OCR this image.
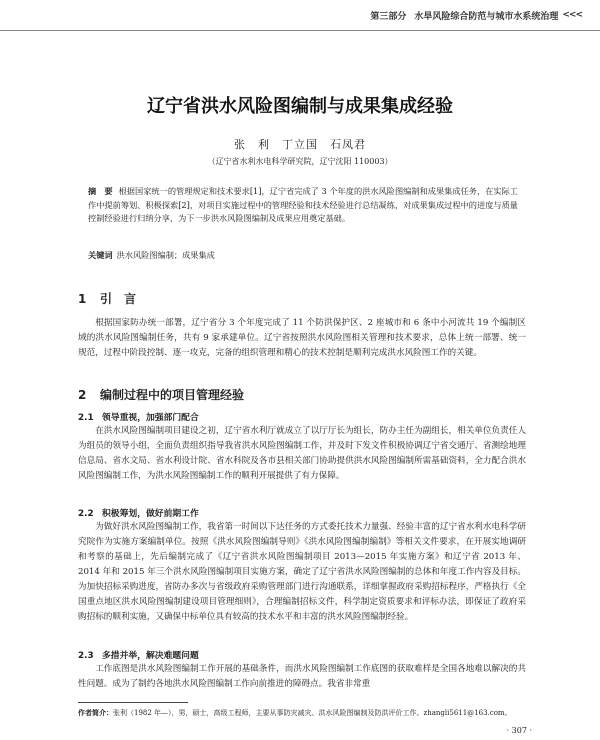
第三部分 水旱风险综合防范与城市水系统治理 <<<
辽宁省洪水风险图编制与成果集成经验
张　利　丁立国　石凤君
（辽宁省水利水电科学研究院，辽宁沈阳 110003）
摘　要 根据国家统一的管理规定和技术要求[1]，辽宁省完成了 3 个年度的洪水风险图编制和成果集成任务，在实际工作中提前筹划、积极探索[2]，对项目实施过程中的管理经验和技术经验进行总结凝练，对成果集成过程中的进度与质量控制经验进行归纳分享，为下一步洪水风险图编制及成果应用奠定基础。
关键词 洪水风险图编制；成果集成
1 引　言
根据国家防办统一部署，辽宁省分 3 个年度完成了 11 个防洪保护区、2 座城市和 6 条中小河流共 19 个编制区域的洪水风险图编制任务，共有 9 家承建单位。辽宁省按照洪水风险图相关管理和技术要求，总体上统一部署、统一规范，过程中阶段控制、逐一攻克，完备的组织管理和精心的技术控制是顺利完成洪水风险图工作的关键。
2 编制过程中的项目管理经验
2.1 领导重视，加强部门配合
在洪水风险图编制项目建设之初，辽宁省水利厅就成立了以厅厅长为组长，防办主任为副组长，相关单位负责任人为组员的领导小组，全面负责组织指导我省洪水风险图编制工作，并及时下发文件积极协调辽宁省交通厅、省测绘地理信息局、省水文局、省水利设计院、省水科院及各市县相关部门协助提供洪水风险图编制所需基础资料，全力配合洪水风险图编制工作，为洪水风险图编制工作的顺利开展提供了有力保障。
2.2 积极筹划，做好前期工作
为做好洪水风险图编制工作，我省第一时间以下达任务的方式委托技术力量强、经验丰富的辽宁省水利水电科学研究院作为实施方案编制单位。按照《洪水风险图编制导则》《洪水风险图编制编制》等相关文件要求，在开展实地调研和考察的基础上，先后编制完成了《辽宁省洪水风险图编制项目 2013—2015 年实施方案》和辽宁省 2013 年、2014 年和 2015 年三个洪水风险图编制项目实施方案，确定了辽宁省洪水风险图编制的总体和年度工作内容及目标。为加快招标采购进度，省防办多次与省级政府采购管理部门进行沟通联系，详细掌握政府采购招标程序，严格执行《全国重点地区洪水风险图编制建设项目管理细则》，合理编制招标文件，科学制定资质要求和评标办法，即保证了政府采购招标的顺利实施，又确保中标单位具有较高的技术水平和丰富的洪水风险图编制经验。
2.3 多措并举，解决难题问题
工作底图是洪水风险图编制工作开展的基础条件，而洪水风险图编制工作底图的获取难样是全国各地难以解决的共性问题。成为了制约各地洪水风险图编制工作向前推进的障碍点。我省非常重
作者简介：张利（1982 年—），男，硕士，高级工程师，主要从事防灾减灾、洪水风险图编制及防洪评价工作。zhangli5611@163.com。
· 307 ·
